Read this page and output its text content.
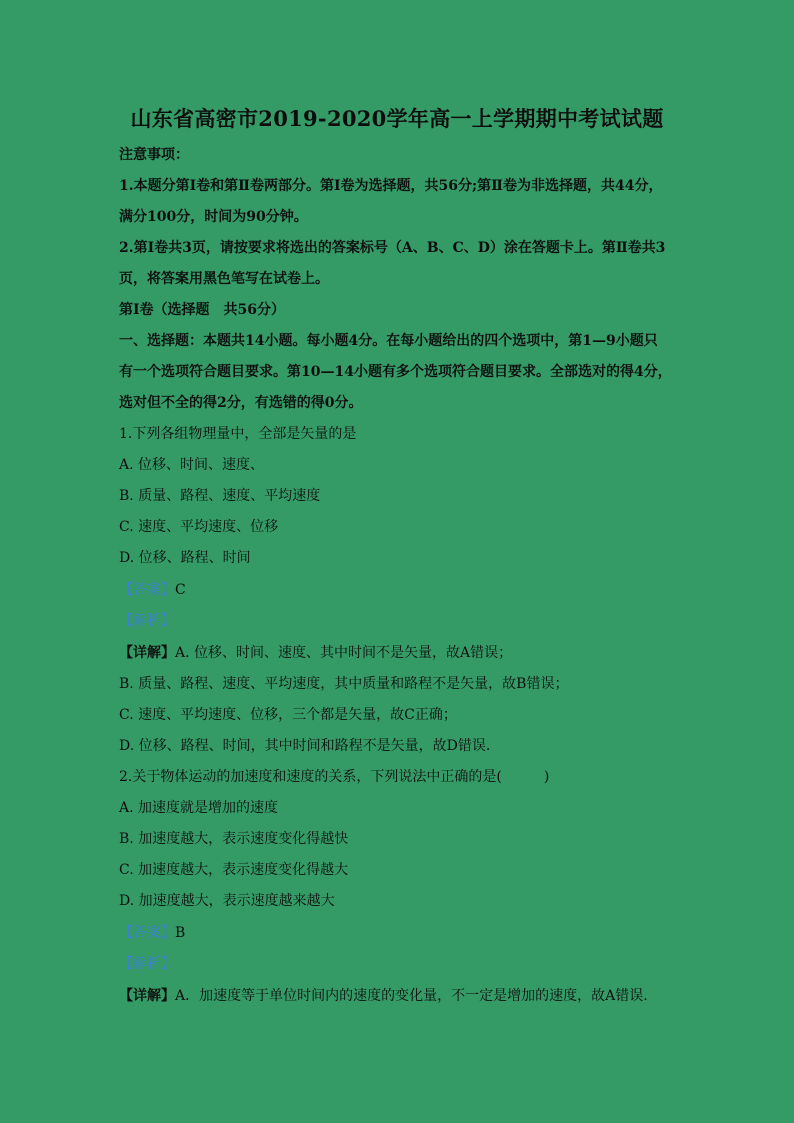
山东省高密市2019-2020学年高一上学期期中考试试题
注意事项：
1.本题分第Ⅰ卷和第Ⅱ卷两部分。第Ⅰ卷为选择题，共56分;第Ⅱ卷为非选择题，共44分，
满分100分，时间为90分钟。
2.第Ⅰ卷共3页，请按要求将选出的答案标号（A、B、C、D）涂在答题卡上。第Ⅱ卷共3
页，将答案用黑色笔写在试卷上。
第Ⅰ卷（选择题　共56分）
一、选择题：本题共14小题。每小题4分。在每小题给出的四个选项中，第1—9小题只
有一个选项符合题目要求。第10—14小题有多个选项符合题目要求。全部选对的得4分，
选对但不全的得2分，有选错的得0分。
1.下列各组物理量中，全部是矢量的是
A. 位移、时间、速度、
B. 质量、路程、速度、平均速度
C. 速度、平均速度、位移
D. 位移、路程、时间
【答案】C
【解析】
【详解】A. 位移、时间、速度、其中时间不是矢量，故A错误；
B. 质量、路程、速度、平均速度，其中质量和路程不是矢量，故B错误；
C. 速度、平均速度、位移，三个都是矢量，故C正确；
D. 位移、路程、时间，其中时间和路程不是矢量，故D错误．
2.关于物体运动的加速度和速度的关系，下列说法中正确的是(　　　)
A. 加速度就是增加的速度
B. 加速度越大，表示速度变化得越快
C. 加速度越大，表示速度变化得越大
D. 加速度越大，表示速度越来越大
【答案】B
【解析】
【详解】A．加速度等于单位时间内的速度的变化量，不一定是增加的速度，故A错误.
